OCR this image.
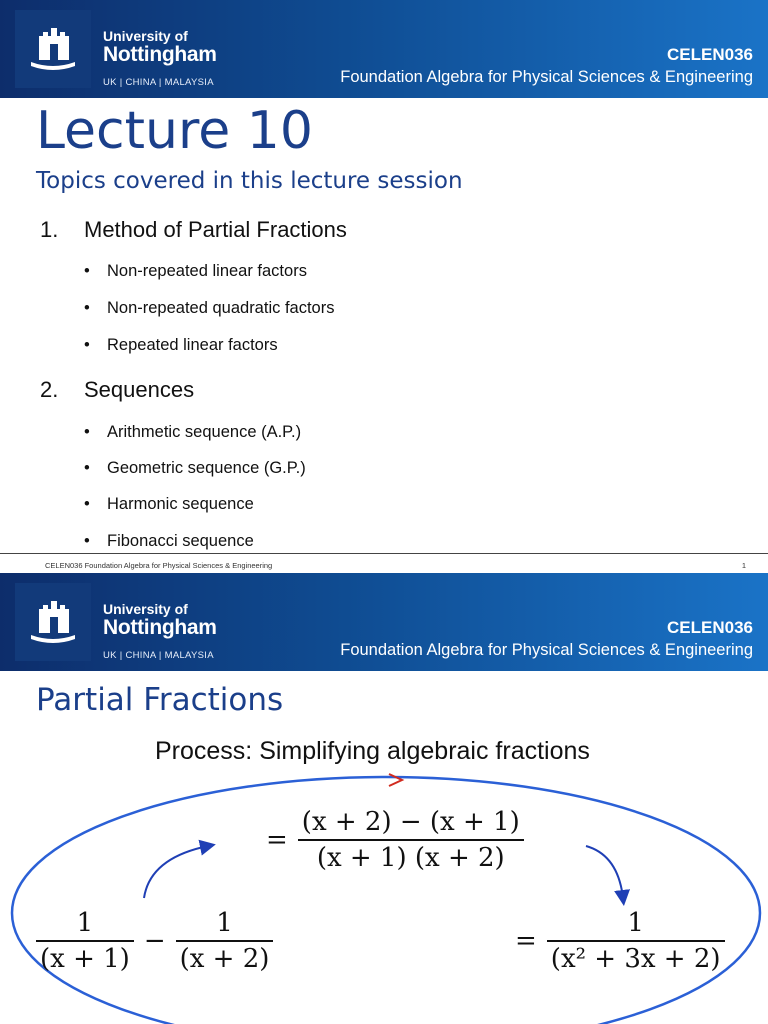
University of
Nottingham
UK | CHINA | MALAYSIA
CELEN036
Foundation Algebra for Physical Sciences & Engineering
Lecture 10
Topics covered in this lecture session
1. Method of Partial Fractions
• Non-repeated linear factors
• Non-repeated quadratic factors
• Repeated linear factors
2. Sequences
• Arithmetic sequence (A.P.)
• Geometric sequence (G.P.)
• Harmonic sequence
• Fibonacci sequence
CELEN036 Foundation Algebra for Physical Sciences & Engineering	1
University of
Nottingham
UK | CHINA | MALAYSIA
CELEN036
Foundation Algebra for Physical Sciences & Engineering
Partial Fractions
Process: Simplifying algebraic fractions
= $\frac{(x + 2) - (x + 1)}{(x + 1) (x + 2)}$
$\frac{1}{(x + 1)} - \frac{1}{(x + 2)}$	= $\frac{1}{\text{(x² + 3x + 2)}}$
